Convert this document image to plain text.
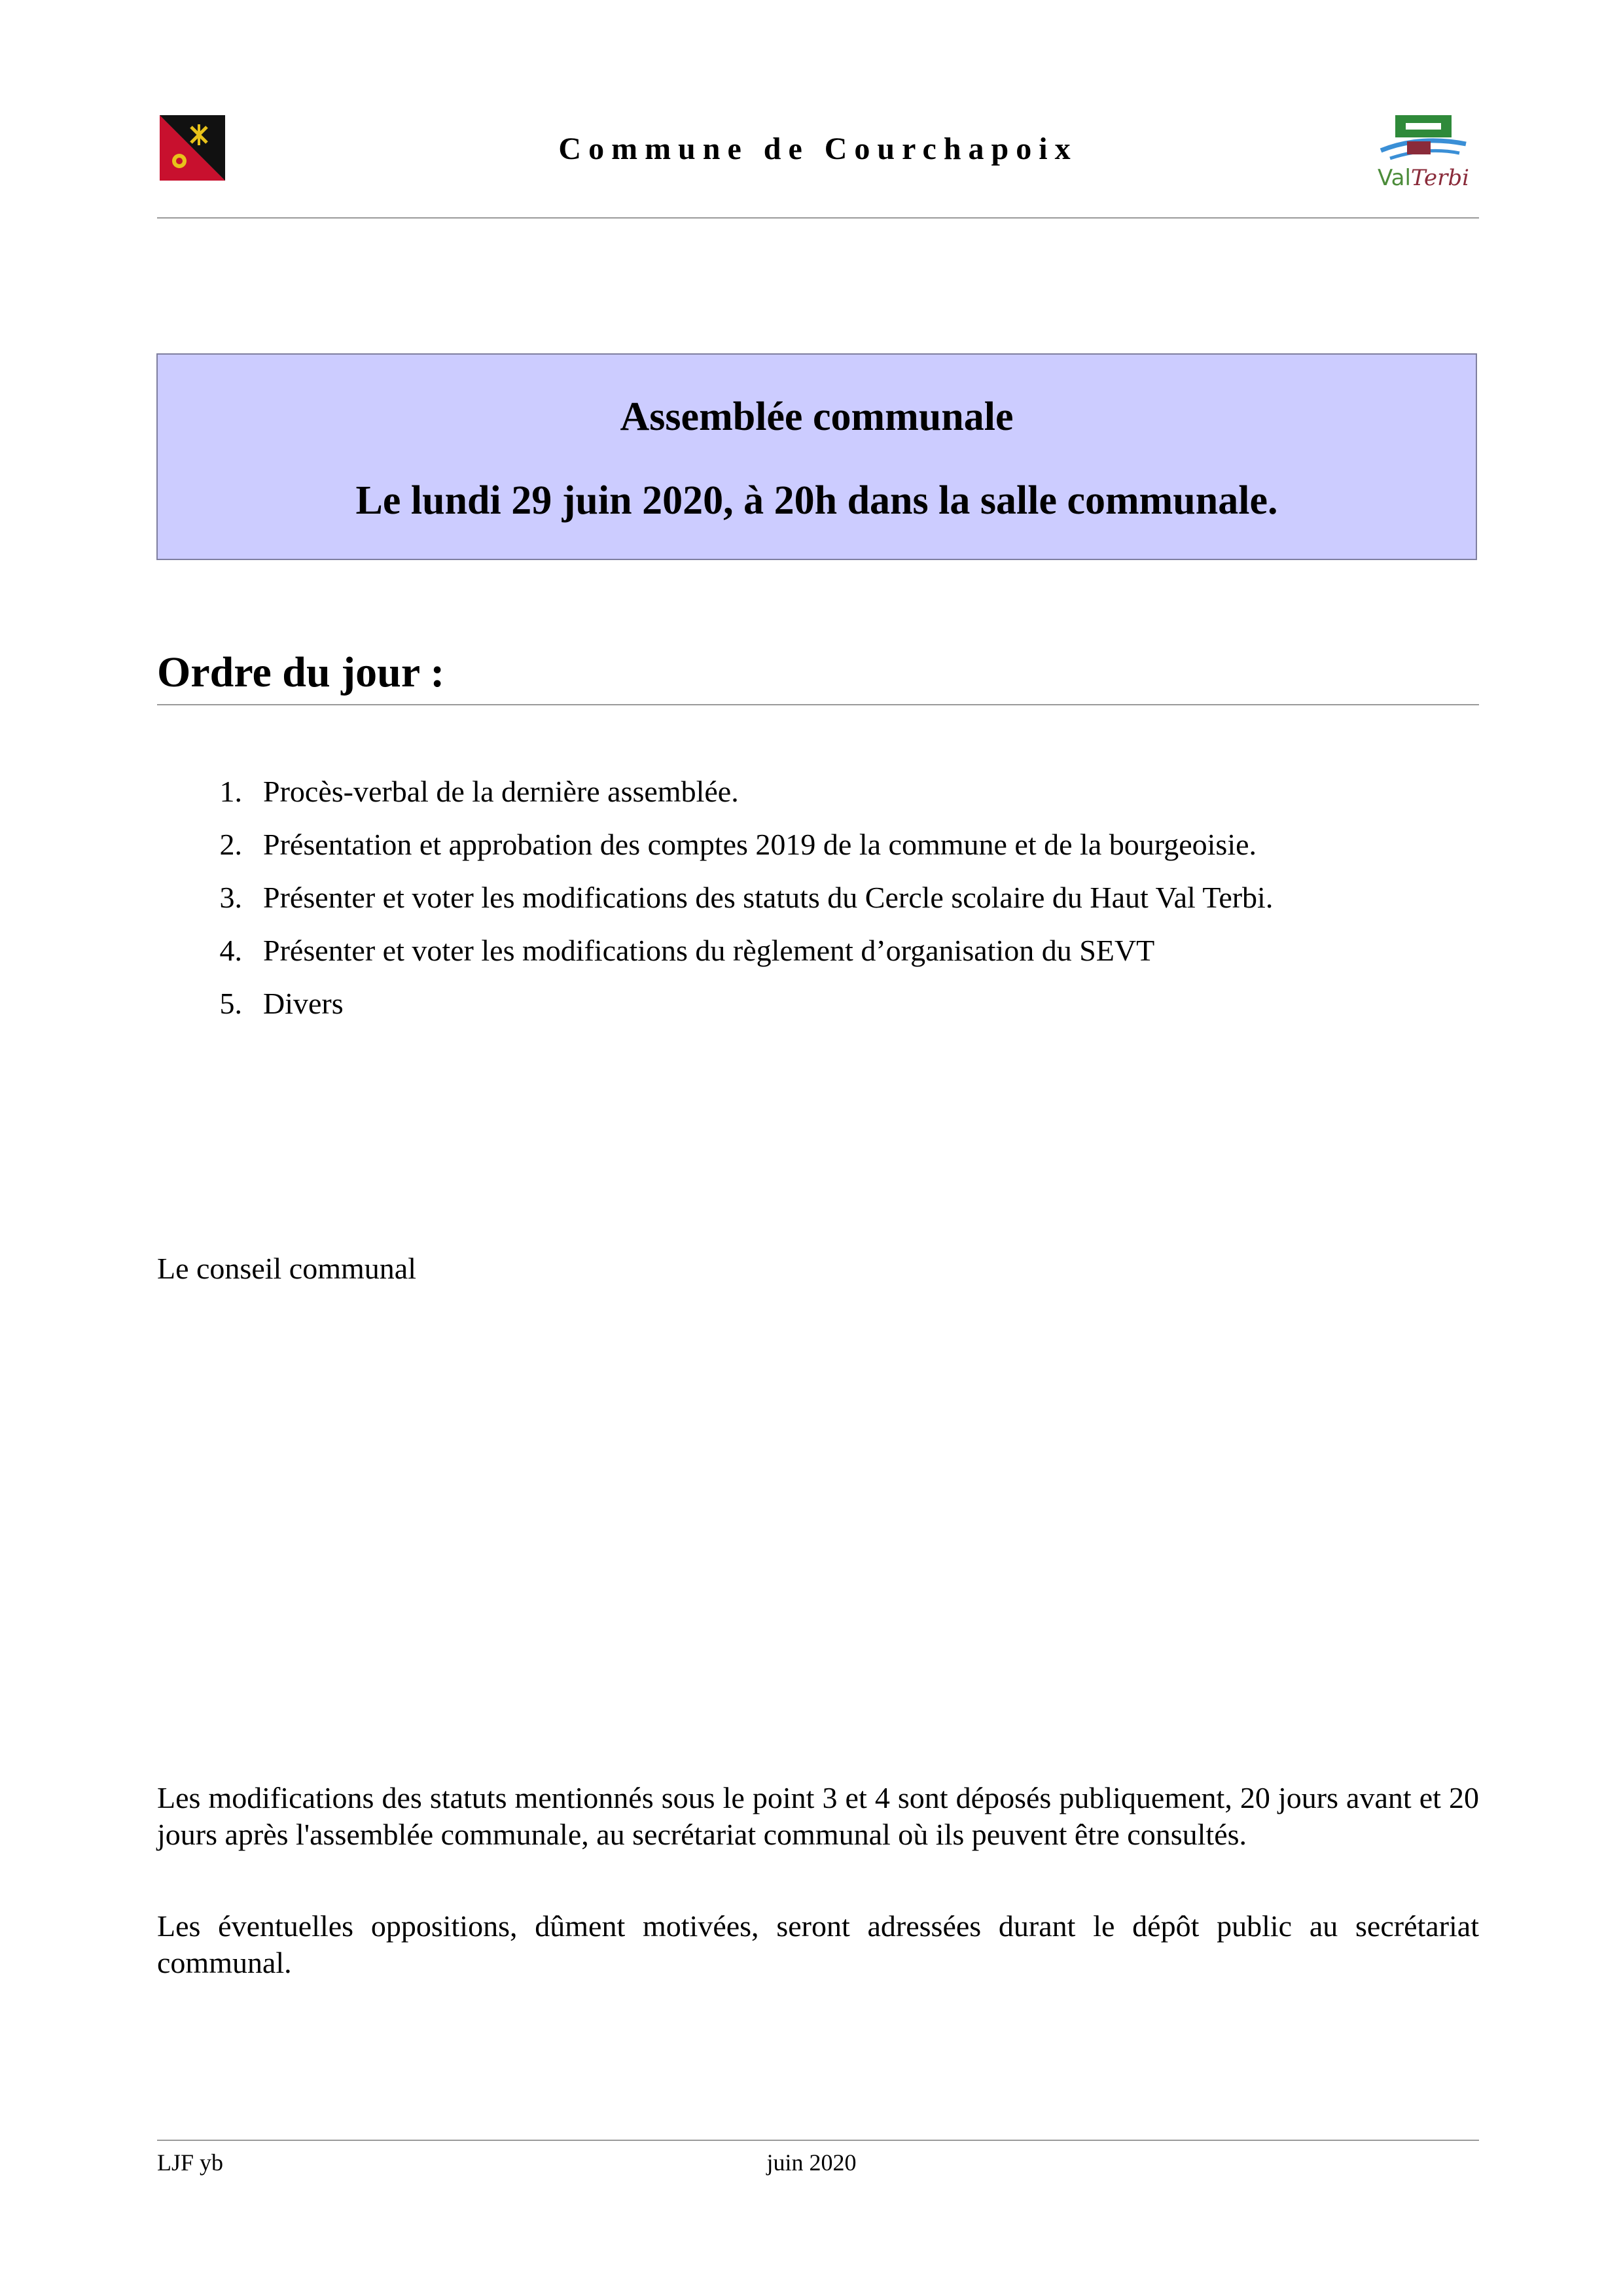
Commune de Courchapoix
ValTerbi
Assemblée communale
Le lundi 29 juin 2020, à 20h dans la salle communale.
Ordre du jour :
1. Procès-verbal de la dernière assemblée.
2. Présentation et approbation des comptes 2019 de la commune et de la bourgeoisie.
3. Présenter et voter les modifications des statuts du Cercle scolaire du Haut Val Terbi.
4. Présenter et voter les modifications du règlement d’organisation du SEVT
5. Divers
Le conseil communal

Les modifications des statuts mentionnés sous le point 3 et 4 sont déposés publiquement, 20 jours avant et 20 jours après l'assemblée communale, au secrétariat communal où ils peuvent être consultés.

Les éventuelles oppositions, dûment motivées, seront adressées durant le dépôt public au secrétariat communal.

LJF yb	juin 2020
